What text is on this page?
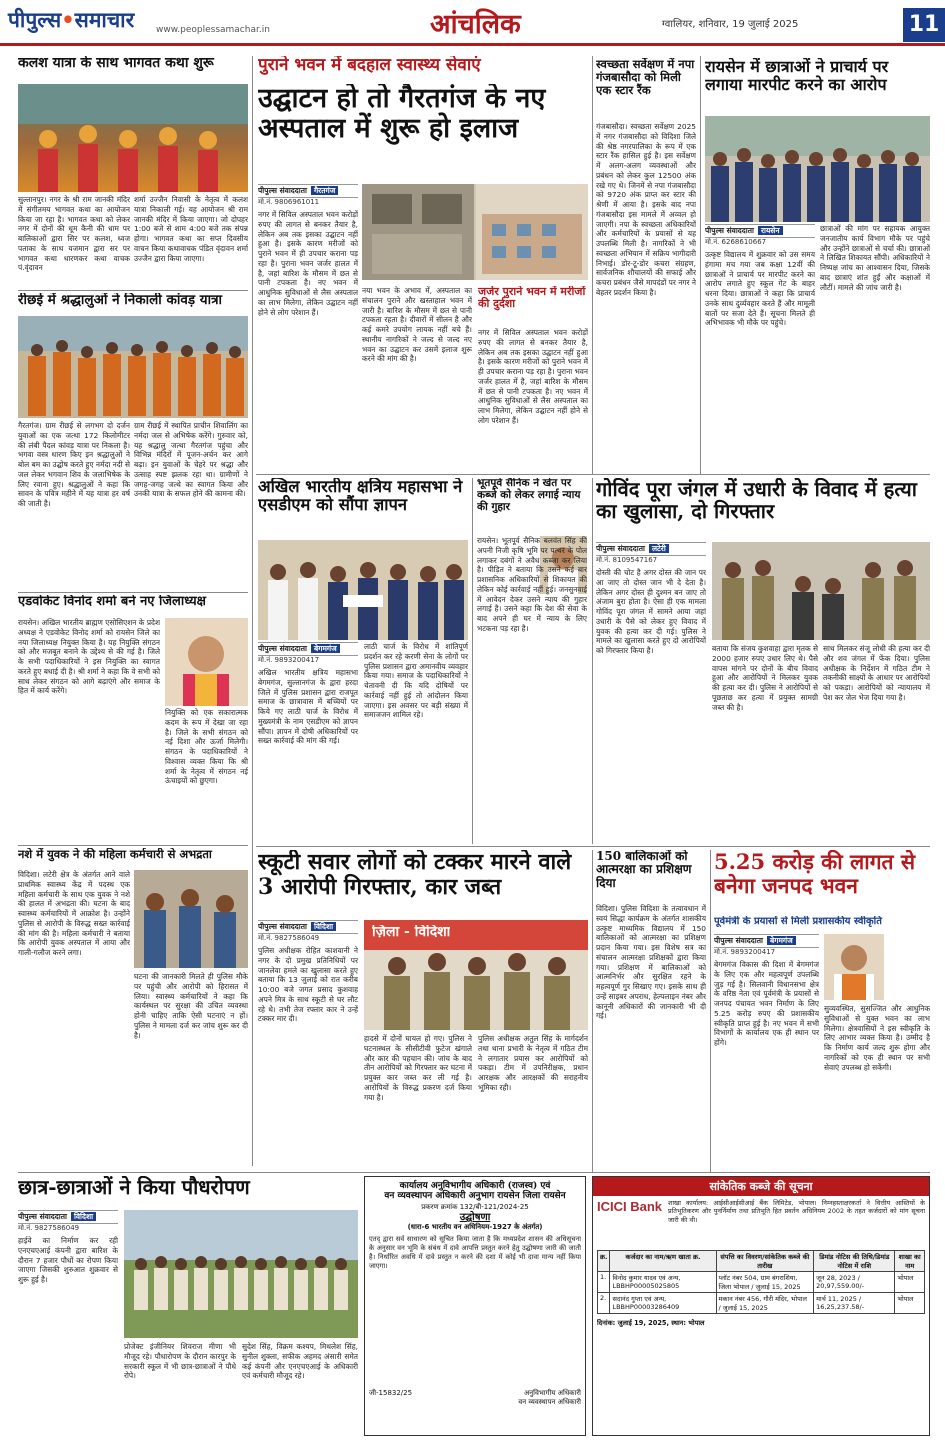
पीपुल्स•समाचार www.peoplessamachar.in	आंचलिक	ग्वालियर, शनिवार, 19 जुलाई 2025	11
कलश यात्रा के साथ भागवत कथा शुरू
सुल्तानपुर। नगर के श्री राम जानकी मंदिर में संगीतमय भागवत कथा का आयोजन किया जा रहा है। भागवत कथा को लेकर नगर में दोनों की धूम कैनी की धाम पर बालिकाओं द्वारा सिर पर कलश, ध्वज पताका के साथ यजमान द्वारा सर पर भागवत कथा धारणकर कथा वाचक पं.वृंदावन
शर्मा उज्जैन निवासी के नेतृत्व में कलश यात्रा निकाली गई। यह आयोजन श्री राम जानकी मंदिर में किया जाएगा। जो दोपहर 1:00 बजे से शाम 4:00 बजे तक संपन्न होगा। भागवत कथा का सप्त दिवसीय वाचन किया कथावाचक पंडित वृंदावन शर्मा उज्जैन द्वारा किया जाएगा।
रीछई में श्रद्धालुओं ने निकाली कांवड़ यात्रा
गैरतगंज। ग्राम रीछई से लगभग दो दर्जन युवाओं का एक जत्था 172 किलोमीटर की लंबी पैदल कांवड़ यात्रा पर निकला है। भगवा वस्त्र धारण किए इन श्रद्धालुओं ने बोल बम का उद्घोष करते हुए नर्मदा नदी से जल लेकर भगवान शिव के जलाभिषेक के लिए रवाना हुए। श्रद्धालुओं ने कहा कि सावन के पवित्र महीने में यह यात्रा हर वर्ष की जाती है।
ग्राम रीछई में स्थापित प्राचीन शिवालिंग का नर्मदा जल से अभिषेक करेंगे। गुरुवार को, यह श्रद्धालु जत्था गैरतगंज पहुंचा और विभिन्न मंदिरों में पूजन-अर्चन कर आगे बढ़ा। इन युवाओं के चेहरे पर श्रद्धा और उत्साह स्पष्ट झलक रहा था। ग्रामीणों ने जगह-जगह जत्थे का स्वागत किया और उनकी यात्रा के सफल होने की कामना की।
एडवोकेट विनोद शर्मा बने नए जिलाध्यक्ष
रायसेन। अखिल भारतीय ब्राह्मण एसोसिएशन के प्रदेश अध्यक्ष ने एडवोकेट विनोद शर्मा को रायसेन जिले का नया जिलाध्यक्ष नियुक्त किया है। यह नियुक्ति संगठन को और मजबूत बनाने के उद्देश्य से की गई है। जिले के सभी पदाधिकारियों ने इस नियुक्ति का स्वागत करते हुए बधाई दी है। श्री शर्मा ने कहा कि वे सभी को साथ लेकर संगठन को आगे बढ़ाएंगे और समाज के हित में कार्य करेंगे।
नियुक्ति को एक सकारात्मक कदम के रूप में देखा जा रहा है। जिले के सभी संगठन को नई दिशा और ऊर्जा मिलेगी। संगठन के पदाधिकारियों ने विश्वास व्यक्त किया कि श्री शर्मा के नेतृत्व में संगठन नई ऊंचाइयों को छुएगा।
नशे में युवक ने की महिला कर्मचारी से अभद्रता
विदिशा। लटेरी क्षेत्र के अंतर्गत आने वाले प्राथमिक स्वास्थ्य केंद्र में पदस्थ एक महिला कर्मचारी के साथ एक युवक ने नशे की हालत में अभद्रता की। घटना के बाद स्वास्थ्य कर्मचारियों में आक्रोश है। उन्होंने पुलिस से आरोपी के विरुद्ध सख्त कार्रवाई की मांग की है। महिला कर्मचारी ने बताया कि आरोपी युवक अस्पताल में आया और गाली-गलौज करने लगा।
घटना की जानकारी मिलते ही पुलिस मौके पर पहुंची और आरोपी को हिरासत में लिया। स्वास्थ्य कर्मचारियों ने कहा कि कार्यस्थल पर सुरक्षा की उचित व्यवस्था होनी चाहिए ताकि ऐसी घटनाएं न हों। पुलिस ने मामला दर्ज कर जांच शुरू कर दी है।
पुराने भवन में बदहाल स्वास्थ्य सेवाएं
उद्घाटन हो तो गैरतगंज के नए अस्पताल में शुरू हो इलाज
पीपुल्स संवाददाता गैरतगंज
मो.नं. 9806961011
नगर में सिविल अस्पताल भवन करोड़ों रुपए की लागत से बनकर तैयार है, लेकिन अब तक इसका उद्घाटन नहीं हुआ है। इसके कारण मरीजों को पुराने भवन में ही उपचार कराना पड़ रहा है। पुराना भवन जर्जर हालत में है, जहां बारिश के मौसम में छत से पानी टपकता है। नए भवन में आधुनिक सुविधाओं से लैस अस्पताल का लाभ मिलेगा, लेकिन उद्घाटन नहीं होने से लोग परेशान हैं।
नया भवन के अभाव में, अस्पताल का संचालन पुराने और खस्ताहाल भवन में जारी है। बारिश के मौसम में छत से पानी टपकता रहता है। दीवारों में सीलन है और कई कमरे उपयोग लायक नहीं बचे हैं। स्थानीय नागरिकों ने जल्द से जल्द नए भवन का उद्घाटन कर उसमें इलाज शुरू करने की मांग की है।
जर्जर पुराने भवन में मरीजों की दुर्दशा
नगर में सिविल अस्पताल भवन करोड़ों रुपए की लागत से बनकर तैयार है, लेकिन अब तक इसका उद्घाटन नहीं हुआ है। इसके कारण मरीजों को पुराने भवन में ही उपचार कराना पड़ रहा है। पुराना भवन जर्जर हालत में है, जहां बारिश के मौसम में छत से पानी टपकता है। नए भवन में आधुनिक सुविधाओं से लैस अस्पताल का लाभ मिलेगा, लेकिन उद्घाटन नहीं होने से लोग परेशान हैं।
स्वच्छता सर्वेक्षण में नपा गंजबासौदा को मिली एक स्टार रैंक
गंजबासौदा। स्वच्छता सर्वेक्षण 2025 में नगर गंजबासौदा को विदिशा जिले की श्रेष्ठ नगरपालिका के रूप में एक स्टार रैंक हासिल हुई है। इस सर्वेक्षण में अलग-अलग व्यवस्थाओं और प्रबंधन को लेकर कुल 12500 अंक रखे गए थे। जिनमें से नपा गंजबासौदा को 9720 अंक प्राप्त कर स्टार की श्रेणी में आया है। इसके बाद नपा गंजबासौदा इस मामले में अव्वल हो जाएगी। नपा के स्वच्छता अधिकारियों और कर्मचारियों के प्रयासों से यह उपलब्धि मिली है। नागरिकों ने भी स्वच्छता अभियान में सक्रिय भागीदारी निभाई। डोर-टू-डोर कचरा संग्रहण, सार्वजनिक शौचालयों की सफाई और कचरा प्रबंधन जैसे मापदंडों पर नगर ने बेहतर प्रदर्शन किया है।
रायसेन में छात्राओं ने प्राचार्य पर लगाया मारपीट करने का आरोप
पीपुल्स संवाददाता रायसेन
मो.नं. 6268610667
उत्कृष्ट विद्यालय में शुक्रवार को उस समय हंगामा मच गया जब कक्षा 12वीं की छात्राओं ने प्राचार्य पर मारपीट करने का आरोप लगाते हुए स्कूल गेट के बाहर धरना दिया। छात्राओं ने कहा कि प्राचार्य उनके साथ दुर्व्यवहार करते हैं और मामूली बातों पर सजा देते हैं। सूचना मिलते ही अभिभावक भी मौके पर पहुंचे।
छात्राओं की मांग पर सहायक आयुक्त जनजातीय कार्य विभाग मौके पर पहुंचे और उन्होंने छात्राओं से चर्चा की। छात्राओं ने लिखित शिकायत सौंपी। अधिकारियों ने निष्पक्ष जांच का आश्वासन दिया, जिसके बाद छात्राएं शांत हुईं और कक्षाओं में लौटीं। मामले की जांच जारी है।
अखिल भारतीय क्षत्रिय महासभा ने एसडीएम को सौंपा ज्ञापन
पीपुल्स संवाददाता बेगमगंज
मो.नं. 9893200417
अखिल भारतीय क्षत्रिय महासभा बेगमगंज, सुल्तानगंज के द्वारा हरदा जिले में पुलिस प्रशासन द्वारा राजपूत समाज के छात्रावास में बच्चियों पर किये गए लाठी चार्ज के विरोध में मुख्यमंत्री के नाम एसडीएम को ज्ञापन सौंपा। ज्ञापन में दोषी अधिकारियों पर सख्त कार्रवाई की मांग की गई।
लाठी चार्ज के विरोध में शांतिपूर्ण प्रदर्शन कर रहे करणी सेना के लोगों पर पुलिस प्रशासन द्वारा अमानवीय व्यवहार किया गया। समाज के पदाधिकारियों ने चेतावनी दी कि यदि दोषियों पर कार्रवाई नहीं हुई तो आंदोलन किया जाएगा। इस अवसर पर बड़ी संख्या में समाजजन शामिल रहे।
भूतपूर्व सैनिक ने खेत पर कब्जे को लेकर लगाई न्याय की गुहार
रायसेन। भूतपूर्व सैनिक बलवंत सिंह की अपनी निजी कृषि भूमि पर पत्थर के पोल लगाकर दबंगों ने अवैध कब्जा कर लिया है। पीड़ित ने बताया कि उसने कई बार प्रशासनिक अधिकारियों से शिकायत की लेकिन कोई कार्रवाई नहीं हुई। जनसुनवाई में आवेदन देकर उसने न्याय की गुहार लगाई है। उसने कहा कि देश की सेवा के बाद अपने ही घर में न्याय के लिए भटकना पड़ रहा है।
गोविंद पूरा जंगल में उधारी के विवाद में हत्या का खुलासा, दो गिरफ्तार
पीपुल्स संवाददाता लटेरी
मो.नं. 8109547167
दोस्ती की चोट है अगर दोस्त की जान पर आ जाए तो दोस्त जान भी दे देता है। लेकिन अगर दोस्त ही दुश्मन बन जाए तो अंजाम बुरा होता है। ऐसा ही एक मामला गोविंद पूरा जंगल में सामने आया जहां उधारी के पैसे को लेकर हुए विवाद में युवक की हत्या कर दी गई। पुलिस ने मामले का खुलासा करते हुए दो आरोपियों को गिरफ्तार किया है।	बताया कि संजय कुशवाहा द्वारा मृतक से 2000 हजार रुपए उधार लिए थे। पैसे वापस मांगने पर दोनों के बीच विवाद हुआ और आरोपियों ने मिलकर युवक की हत्या कर दी। पुलिस ने आरोपियों से पूछताछ कर हत्या में प्रयुक्त सामग्री जब्त की है।
साथ मिलकर संजू लोधी की हत्या कर दी और शव जंगल में फेंक दिया। पुलिस अधीक्षक के निर्देशन में गठित टीम ने तकनीकी साक्ष्यों के आधार पर आरोपियों को पकड़ा। आरोपियों को न्यायालय में पेश कर जेल भेज दिया गया है।
स्कूटी सवार लोगों को टक्कर मारने वाले 3 आरोपी गिरफ्तार, कार जब्त
पीपुल्स संवाददाता विदिशा
मो.नं. 9827586049
पुलिस अधीक्षक रोहित काशवानी ने नगर के दो प्रमुख प्रतिनिधियों पर जानलेवा हमले का खुलासा करते हुए बताया कि 13 जुलाई को रात करीब 10:00 बजे जगत प्रसाद कुशवाह अपने मित्र के साथ स्कूटी से घर लौट रहे थे। तभी तेज रफ्तार कार ने उन्हें टक्कर मार दी।
ज़िला - विदिशा
हादसे में दोनों घायल हो गए। पुलिस ने घटनास्थल के सीसीटीवी फुटेज खंगाले और कार की पहचान की। जांच के बाद तीन आरोपियों को गिरफ्तार कर घटना में प्रयुक्त कार जब्त कर ली गई है। आरोपियों के विरुद्ध प्रकरण दर्ज किया गया है।
पुलिस अधीक्षक अतुल सिंह के मार्गदर्शन तथा थाना प्रभारी के नेतृत्व में गठित टीम ने लगातार प्रयास कर आरोपियों को पकड़ा। टीम में उपनिरीक्षक, प्रधान आरक्षक और आरक्षकों की सराहनीय भूमिका रही।
150 बालिकाओं को आत्मरक्षा का प्रशिक्षण दिया
विदिशा। पुलिस विदिशा के तत्वावधान में स्वयं सिद्धा कार्यक्रम के अंतर्गत शासकीय उत्कृष्ट माध्यमिक विद्यालय में 150 बालिकाओं को आत्मरक्षा का प्रशिक्षण प्रदान किया गया। इस विशेष सत्र का संचालन आत्मरक्षा प्रशिक्षकों द्वारा किया गया। प्रशिक्षण में बालिकाओं को आत्मनिर्भर और सुरक्षित रहने के महत्वपूर्ण गुर सिखाए गए। इसके साथ ही उन्हें साइबर अपराध, हेल्पलाइन नंबर और कानूनी अधिकारों की जानकारी भी दी गई।
5.25 करोड़ की लागत से बनेगा जनपद भवन
पूर्वमंत्री के प्रयासों से मिली प्रशासकीय स्वीकृति
पीपुल्स संवाददाता बेगमगंज
मो.नं. 9893200417
बेगमगंज विकास की दिशा में बेगमगंज के लिए एक और महत्वपूर्ण उपलब्धि जुड़ गई है। सिलवानी विधानसभा क्षेत्र के वरिष्ठ नेता एवं पूर्वमंत्री के प्रयासों से जनपद पंचायत भवन निर्माण के लिए 5.25 करोड़ रुपए की प्रशासकीय स्वीकृति प्राप्त हुई है। नए भवन में सभी विभागों के कार्यालय एक ही स्थान पर होंगे।
सुव्यवस्थित, सुसज्जित और आधुनिक सुविधाओं से युक्त भवन का लाभ मिलेगा। क्षेत्रवासियों ने इस स्वीकृति के लिए आभार व्यक्त किया है। उम्मीद है कि निर्माण कार्य जल्द शुरू होगा और नागरिकों को एक ही स्थान पर सभी सेवाएं उपलब्ध हो सकेंगी।
छात्र-छात्राओं ने किया पौधरोपण
पीपुल्स संवाददाता विदिशा
मो.नं. 9827586049
हाईवे का निर्माण कर रही एनएचएआई कंपनी द्वारा बारिश के दौरान 7 हजार पौधों का रोपण किया जाएगा जिसकी शुरुआत शुक्रवार से शुरू हुई है।
प्रोजेक्ट इंजीनियर शिवराज मीणा भी मौजूद रहे। पौधारोपण के दौरान कारपुर के सरकारी स्कूल में भी छात्र-छात्राओं ने पौधे रोपे।
सुदेश सिंह, विक्रम कश्यप, मिथलेश सिंह, सुनील शुक्ला, सफीक अहमद अंसारी समेत कई कंपनी और एनएचएआई के अधिकारी एवं कर्मचारी मौजूद रहे।
कार्यालय अनुविभागीय अधिकारी (राजस्व) एवं
वन व्यवस्थापन अधिकारी अनुभाग रायसेन जिला रायसेन
प्रकरण क्रमांक 132/बी-121/2024-25
उद्घोषणा
(धारा-6 भारतीय वन अधिनियम-1927 के अंतर्गत)
एतद् द्वारा सर्व साधारण को सूचित किया जाता है कि मध्यप्रदेश शासन की अधिसूचना के अनुसार वन भूमि के संबंध में दावे आपत्ति प्रस्तुत करने हेतु उद्घोषणा जारी की जाती है। निर्धारित अवधि में दावे प्रस्तुत न करने की दशा में कोई भी दावा मान्य नहीं किया जाएगा।
जी-15832/25	अनुविभागीय अधिकारी
वन व्यवस्थापन अधिकारी
सांकेतिक कब्जे की सूचना
ICICI Bank शाखा कार्यालय: आईसीआईसीआई बैंक लिमिटेड, भोपाल। निम्नहस्ताक्षरकर्ता ने वित्तीय आस्तियों के प्रतिभूतिकरण और पुनर्निर्माण तथा प्रतिभूति हित प्रवर्तन अधिनियम 2002 के तहत कर्जदारों को मांग सूचना जारी की थी।
क्र.	कर्जदार का नाम/ऋण खाता क्र.	संपत्ति का विवरण/सांकेतिक कब्जे की तारीख	डिमांड नोटिस की तिथि/डिमांड नोटिस में राशि	शाखा का नाम
1.	विनोद कुमार यादव एवं अन्य, LBBHP00005025805	प्लॉट नंबर 504, ग्राम बंगराशिया, जिला भोपाल / जुलाई 15, 2025	जून 28, 2023 / 20,97,559.00/-	भोपाल
2.	सदानंद गुप्ता एवं अन्य, LBBHP00003286409	मकान नंबर 456, गौरी मंदिर, भोपाल / जुलाई 15, 2025	मार्च 11, 2025 / 16,25,237.58/-	भोपाल
दिनांक: जुलाई 19, 2025, स्थान: भोपाल
